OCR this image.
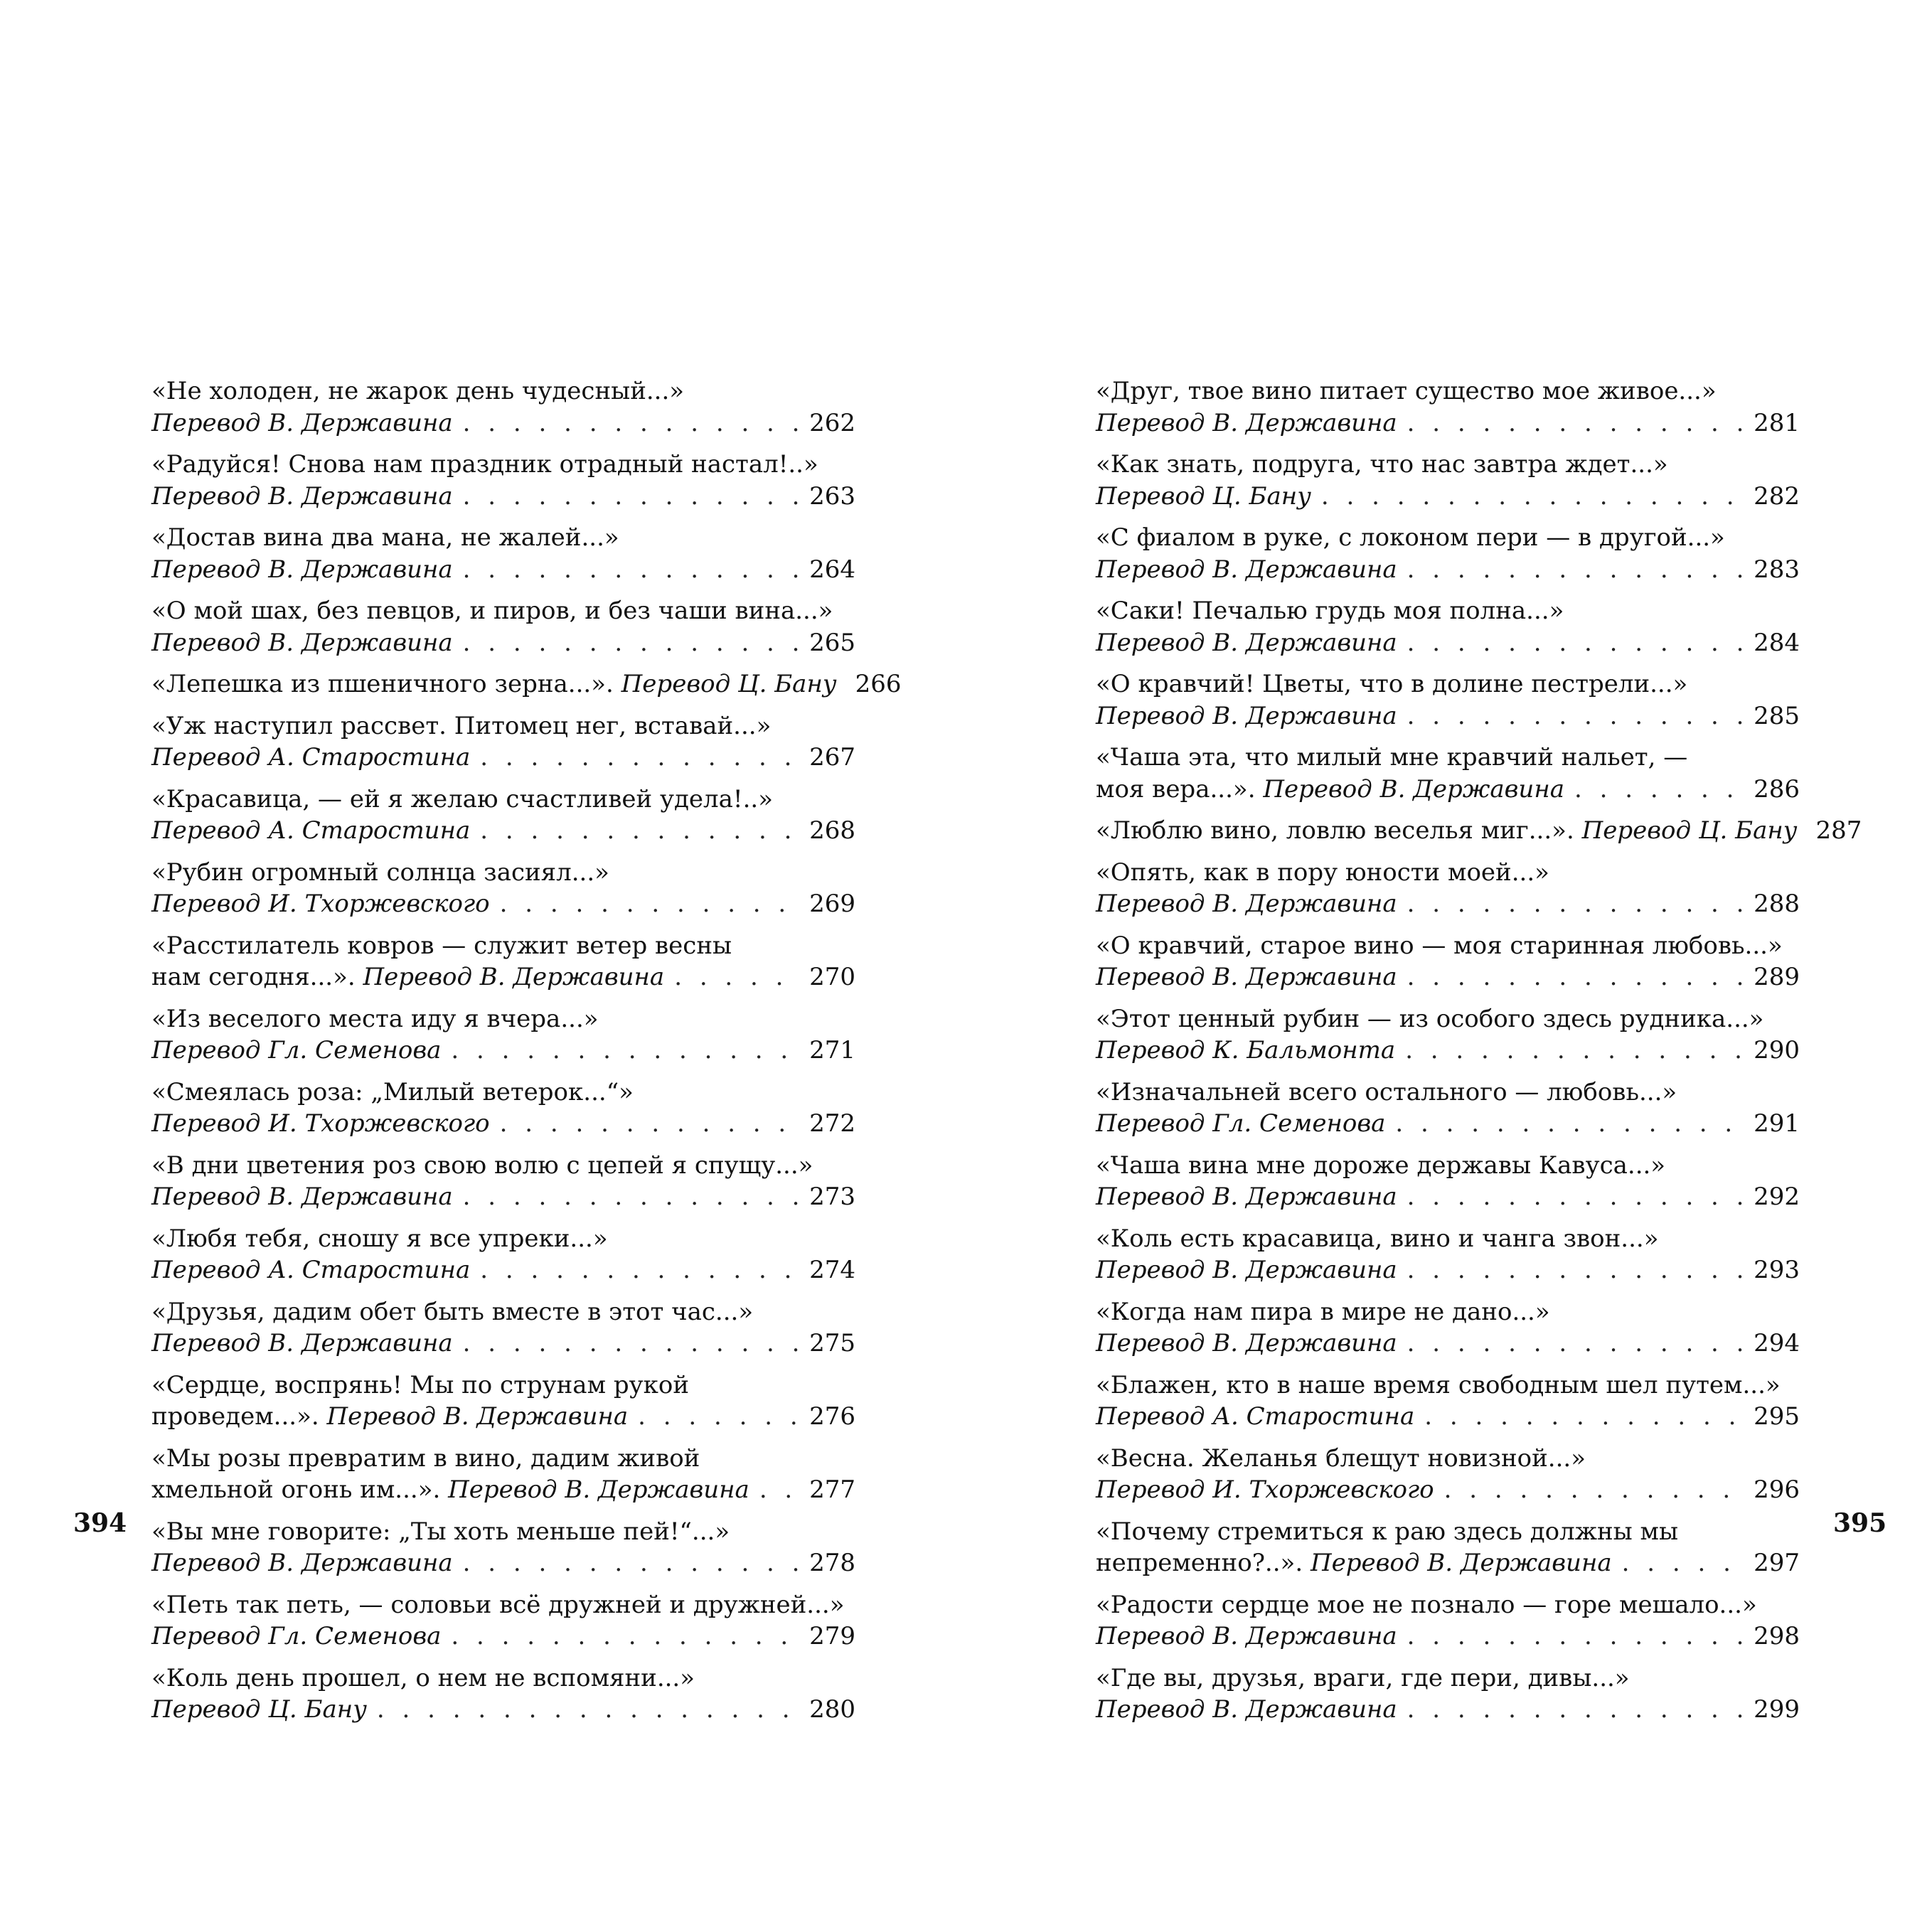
«Не холоден, не жарок день чудесный...»
Перевод В. Державина . . .	262
«Радуйся! Снова нам праздник отрадный настал!..»
Перевод В. Державина . . .	263
«Достав вина два мана, не жалей...»
Перевод В. Державина . . .	264
«О мой шах, без певцов, и пиров, и без чаши вина...»
Перевод В. Державина . . .	265
«Лепешка из пшеничного зерна...». Перевод Ц. Бану 266
«Уж наступил рассвет. Питомец нег, вставай...»
Перевод А. Старостина . . .	267
«Красавица, — ей я желаю счастливей удела!..»
Перевод А. Старостина . . .	268
«Рубин огромный солнца засиял...»
Перевод И. Тхоржевского . . .	269
«Расстилатель ковров — служит ветер весны
нам сегодня...». Перевод В. Державина . . .	270
«Из веселого места иду я вчера...»
Перевод Гл. Семенова . . .	271
«Смеялась роза: „Милый ветерок...“»
Перевод И. Тхоржевского . . .	272
«В дни цветения роз свою волю с цепей я спущу...»
Перевод В. Державина . . .	273
«Любя тебя, сношу я все упреки...»
Перевод А. Старостина . . .	274
«Друзья, дадим обет быть вместе в этот час...»
Перевод В. Державина . . .	275
«Сердце, воспрянь! Мы по струнам рукой
проведем...». Перевод В. Державина . . .	276
«Мы розы превратим в вино, дадим живой
хмельной огонь им...». Перевод В. Державина . . . 277
«Вы мне говорите: „Ты хоть меньше пей!“...»
Перевод В. Державина . . .	278
«Петь так петь, — соловьи всё дружней и дружней...»
Перевод Гл. Семенова . . .	279
«Коль день прошел, о нем не вспомяни...»
Перевод Ц. Бану . . .	280
«Друг, твое вино питает существо мое живое...»
Перевод В. Державина . . .	281
«Как знать, подруга, что нас завтра ждет...»
Перевод Ц. Бану . . .	282
«С фиалом в руке, с локоном пери — в другой...»
Перевод В. Державина . . .	283
«Саки! Печалью грудь моя полна...»
Перевод В. Державина . . .	284
«О кравчий! Цветы, что в долине пестрели...»
Перевод В. Державина . . .	285
«Чаша эта, что милый мне кравчий нальет, —
моя вера...». Перевод В. Державина . . .	286
«Люблю вино, ловлю веселья миг...». Перевод Ц. Бану 287
«Опять, как в пору юности моей...»
Перевод В. Державина . . .	288
«О кравчий, старое вино — моя старинная любовь...»
Перевод В. Державина . . .	289
«Этот ценный рубин — из особого здесь рудника...»
Перевод К. Бальмонта . . .	290
«Изначальней всего остального — любовь...»
Перевод Гл. Семенова . . .	291
«Чаша вина мне дороже державы Кавуса...»
Перевод В. Державина . . .	292
«Коль есть красавица, вино и чанга звон...»
Перевод В. Державина . . .	293
«Когда нам пира в мире не дано...»
Перевод В. Державина . . .	294
«Блажен, кто в наше время свободным шел путем...»
Перевод А. Старостина . . .	295
«Весна. Желанья блещут новизной...»
Перевод И. Тхоржевского . . .	296
«Почему стремиться к раю здесь должны мы
непременно?..». Перевод В. Державина . . .	297
«Радости сердце мое не познало — горе мешало...»
Перевод В. Державина . . .	298
«Где вы, друзья, враги, где пери, дивы...»
Перевод В. Державина . . .	299
394	395
